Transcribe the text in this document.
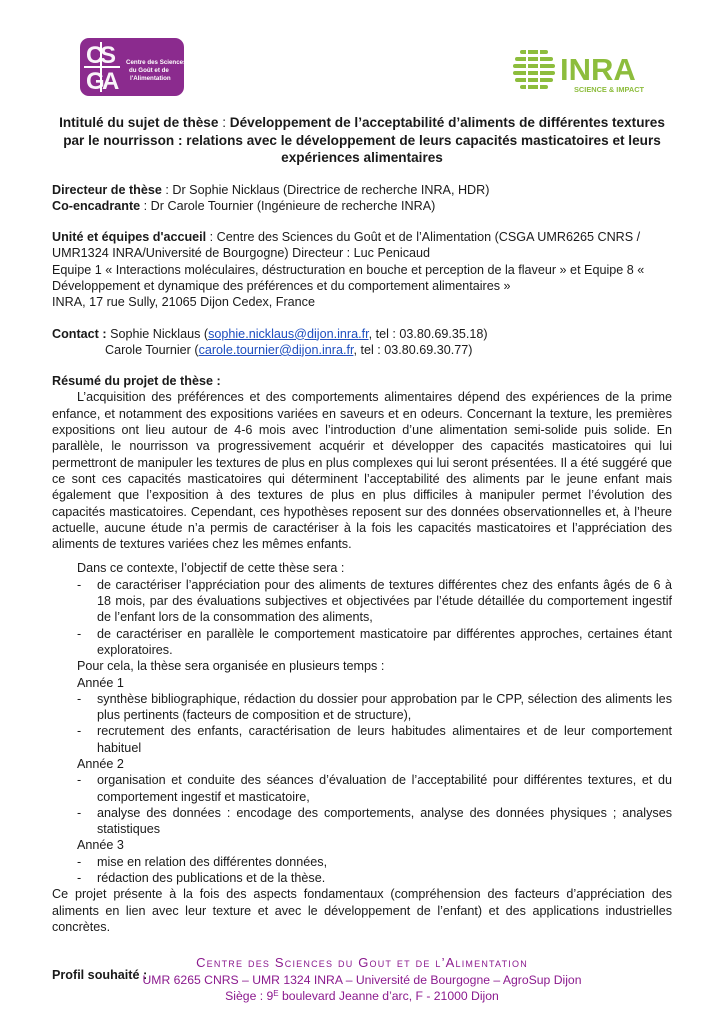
C
S
G
A
Centre des Sciences
du Goût et de
l'Alimentation	INRA
SCIENCE & IMPACT

Intitulé du sujet de thèse : Développement de l’acceptabilité d’aliments de différentes textures par le nourrisson : relations avec le développement de leurs capacités masticatoires et leurs expériences alimentaires

Directeur de thèse : Dr Sophie Nicklaus (Directrice de recherche INRA, HDR)

Co-encadrante : Dr Carole Tournier (Ingénieure de recherche INRA)

Unité et équipes d'accueil : Centre des Sciences du Goût et de l’Alimentation (CSGA UMR6265 CNRS / UMR1324 INRA/Université de Bourgogne) Directeur : Luc Penicaud

Equipe 1 « Interactions moléculaires, déstructuration en bouche et perception de la flaveur » et Equipe 8 « Développement et dynamique des préférences et du comportement alimentaires »

INRA, 17 rue Sully, 21065 Dijon Cedex, France

Contact : Sophie Nicklaus (sophie.nicklaus@dijon.inra.fr, tel : 03.80.69.35.18)

Carole Tournier (carole.tournier@dijon.inra.fr, tel : 03.80.69.30.77)

Résumé du projet de thèse :

L’acquisition des préférences et des comportements alimentaires dépend des expériences de la prime enfance, et notamment des expositions variées en saveurs et en odeurs. Concernant la texture, les premières expositions ont lieu autour de 4-6 mois avec l’introduction d’une alimentation semi-solide puis solide. En parallèle, le nourrisson va progressivement acquérir et développer des capacités masticatoires qui lui permettront de manipuler les textures de plus en plus complexes qui lui seront présentées. Il a été suggéré que ce sont ces capacités masticatoires qui déterminent l’acceptabilité des aliments par le jeune enfant mais également que l’exposition à des textures de plus en plus difficiles à manipuler permet l’évolution des capacités masticatoires. Cependant, ces hypothèses reposent sur des données observationnelles et, à l’heure actuelle, aucune étude n’a permis de caractériser à la fois les capacités masticatoires et l’appréciation des aliments de textures variées chez les mêmes enfants.

Dans ce contexte, l’objectif de cette thèse sera :

- de caractériser l’appréciation pour des aliments de textures différentes chez des enfants âgés de 6 à 18 mois, par des évaluations subjectives et objectivées par l’étude détaillée du comportement ingestif de l’enfant lors de la consommation des aliments,
- de caractériser en parallèle le comportement masticatoire par différentes approches, certaines étant exploratoires.

Pour cela, la thèse sera organisée en plusieurs temps :

Année 1

- synthèse bibliographique, rédaction du dossier pour approbation par le CPP, sélection des aliments les plus pertinents (facteurs de composition et de structure),
- recrutement des enfants, caractérisation de leurs habitudes alimentaires et de leur comportement habituel

Année 2

- organisation et conduite des séances d’évaluation de l’acceptabilité pour différentes textures, et du comportement ingestif et masticatoire,
- analyse des données : encodage des comportements, analyse des données physiques ; analyses statistiques

Année 3

- mise en relation des différentes données,
- rédaction des publications et de la thèse.

Ce projet présente à la fois des aspects fondamentaux (compréhension des facteurs d’appréciation des aliments en lien avec leur texture et avec le développement de l’enfant) et des applications industrielles concrètes.

Profil souhaité :

Centre des Sciences du Gout et de l’Alimentation
UMR 6265 CNRS – UMR 1324 INRA – Université de Bourgogne – AgroSup Dijon
Siège : $9^E$ boulevard Jeanne d’arc, F - 21000 Dijon
